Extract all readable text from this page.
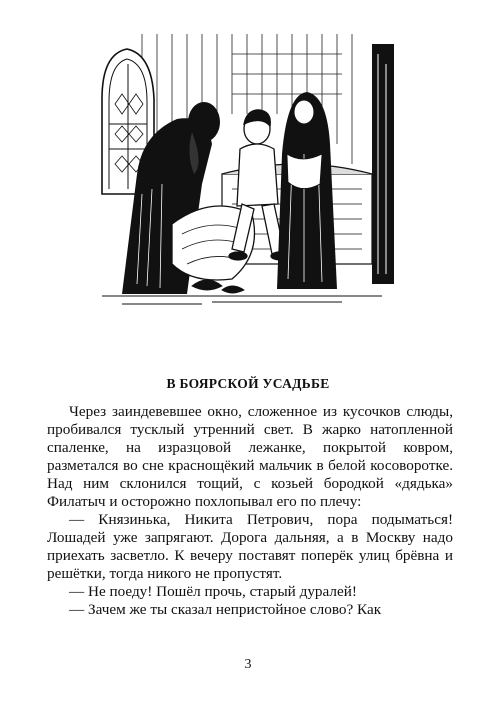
В БОЯРСКОЙ УСАДЬБЕ

Через заиндевевшее окно, сложенное из кусочков слюды, пробивался тусклый утренний свет. В жарко натопленной спаленке, на изразцовой лежанке, покрытой ковром, разметался во сне краснощёкий мальчик в белой косоворотке. Над ним склонился тощий, с козьей бородкой «дядька» Филатыч и осторожно похлопывал его по плечу:

— Князинька, Никита Петрович, пора подыматься! Лошадей уже запрягают. Дорога дальняя, а в Москву надо приехать засветло. К вечеру поставят поперёк улиц брёвна и решётки, тогда никого не пропустят.

— Не поеду! Пошёл прочь, старый дуралей!

— Зачем же ты сказал непристойное слово? Как

3
